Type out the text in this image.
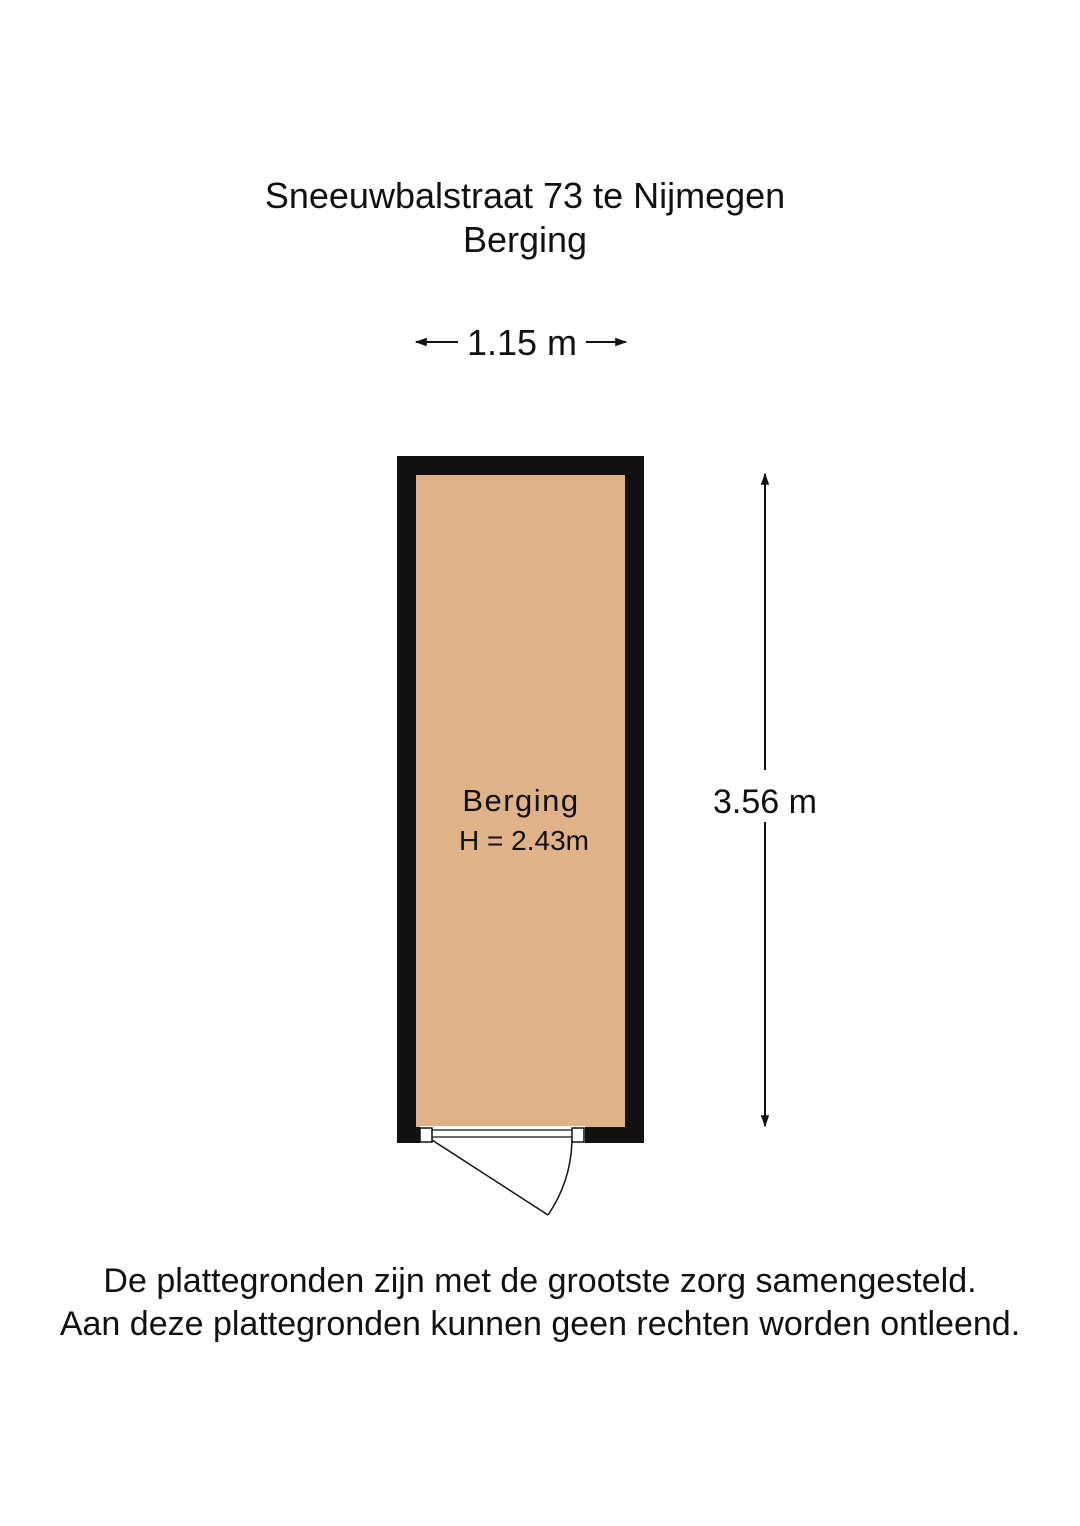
Sneeuwbalstraat 73 te Nijmegen
Berging
1.15 m
Berging
H = 2.43m
3.56 m
De plattegronden zijn met de grootste zorg samengesteld.
Aan deze plattegronden kunnen geen rechten worden ontleend.
